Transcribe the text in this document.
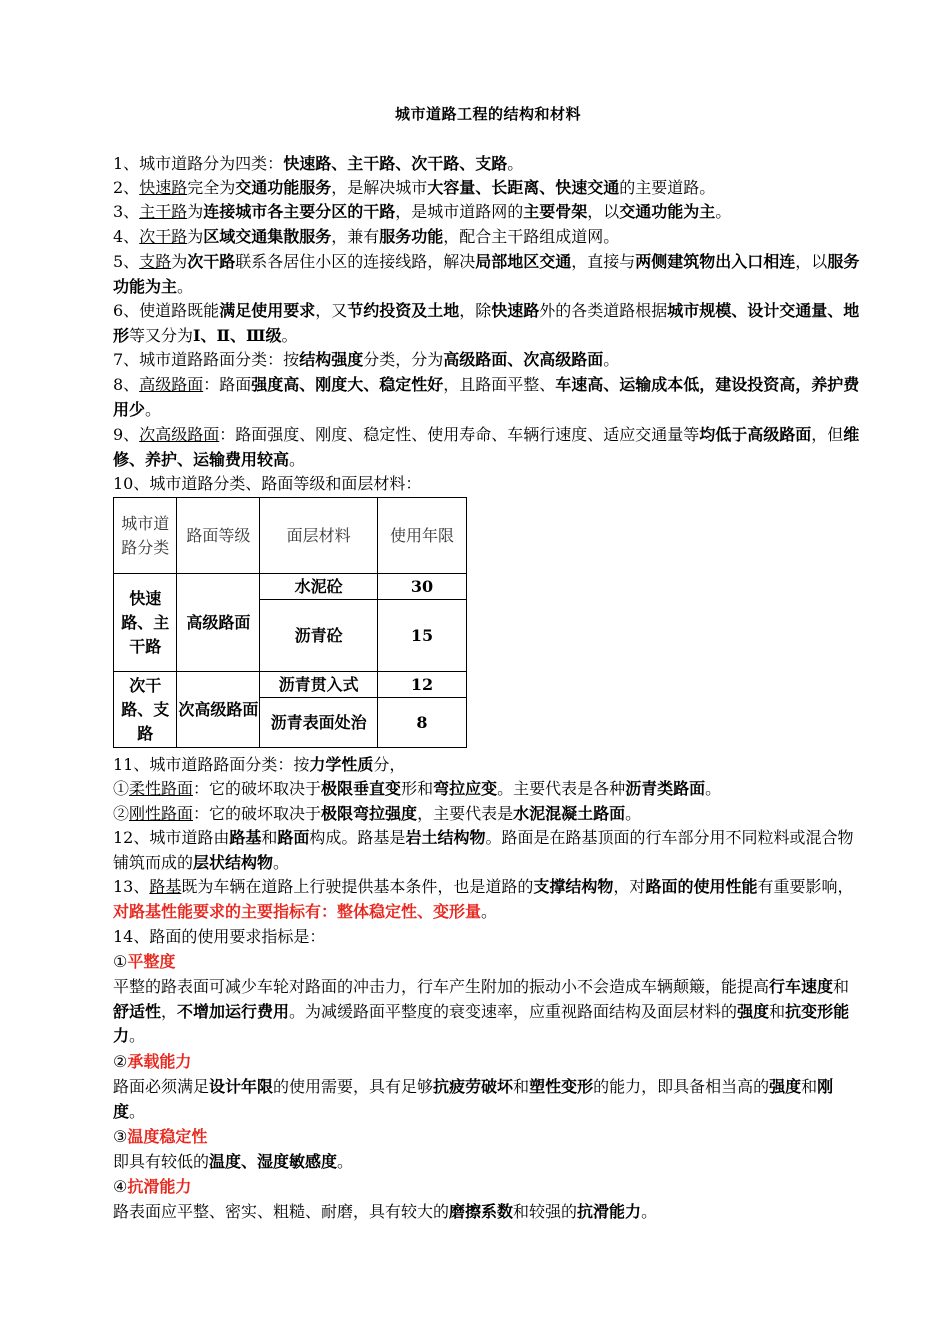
城市道路工程的结构和材料
1、城市道路分为四类：快速路、主干路、次干路、支路。
2、快速路完全为交通功能服务，是解决城市大容量、长距离、快速交通的主要道路。
3、主干路为连接城市各主要分区的干路，是城市道路网的主要骨架，以交通功能为主。
4、次干路为区域交通集散服务，兼有服务功能，配合主干路组成道网。
5、支路为次干路联系各居住小区的连接线路，解决局部地区交通，直接与两侧建筑物出入口相连，以服务功能为主。
6、使道路既能满足使用要求，又节约投资及土地，除快速路外的各类道路根据城市规模、设计交通量、地形等又分为Ⅰ、Ⅱ、Ⅲ级。
7、城市道路路面分类：按结构强度分类，分为高级路面、次高级路面。
8、高级路面：路面强度高、刚度大、稳定性好，且路面平整、车速高、运输成本低，建设投资高，养护费用少。
9、次高级路面：路面强度、刚度、稳定性、使用寿命、车辆行速度、适应交通量等均低于高级路面，但维修、养护、运输费用较高。
10、城市道路分类、路面等级和面层材料：
城市道路分类	路面等级	面层材料	使用年限
快速路、主干路	高级路面	水泥砼	30
		沥青砼	15
次干路、支路	次高级路面	沥青贯入式	12
		沥青表面处治	8
11、城市道路路面分类：按力学性质分，
①柔性路面：它的破坏取决于极限垂直变形和弯拉应变。主要代表是各种沥青类路面。
②刚性路面：它的破坏取决于极限弯拉强度，主要代表是水泥混凝土路面。
12、城市道路由路基和路面构成。路基是岩土结构物。路面是在路基顶面的行车部分用不同粒料或混合物铺筑而成的层状结构物。
13、路基既为车辆在道路上行驶提供基本条件，也是道路的支撑结构物，对路面的使用性能有重要影响，对路基性能要求的主要指标有：整体稳定性、变形量。
14、路面的使用要求指标是：
①平整度
平整的路表面可减少车轮对路面的冲击力，行车产生附加的振动小不会造成车辆颠簸，能提高行车速度和舒适性，不增加运行费用。为减缓路面平整度的衰变速率，应重视路面结构及面层材料的强度和抗变形能力。
②承载能力
路面必须满足设计年限的使用需要，具有足够抗疲劳破坏和塑性变形的能力，即具备相当高的强度和刚度。
③温度稳定性
即具有较低的温度、湿度敏感度。
④抗滑能力
路表面应平整、密实、粗糙、耐磨，具有较大的磨擦系数和较强的抗滑能力。
